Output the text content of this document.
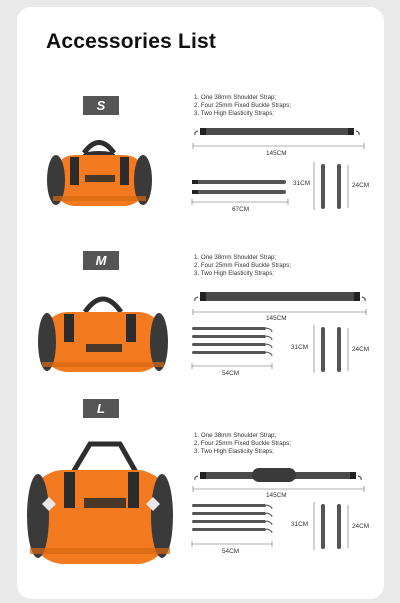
Accessories List
S
1. One 38mm Shoulder Strap;
2. Four 25mm Fixed Buckle Straps;
3. Two High Elasticity Straps;
145CM
67CM
31CM	24CM
M	1. One 38mm Shoulder Strap;
2. Four 25mm Fixed Buckle Straps;
3. Two High Elasticity Straps;
145CM
54CM
31CM	24CM
L
1. One 38mm Shoulder Strap;
2. Four 25mm Fixed Buckle Straps;
3. Two High Elasticity Straps;
145CM
54CM
31CM	24CM
